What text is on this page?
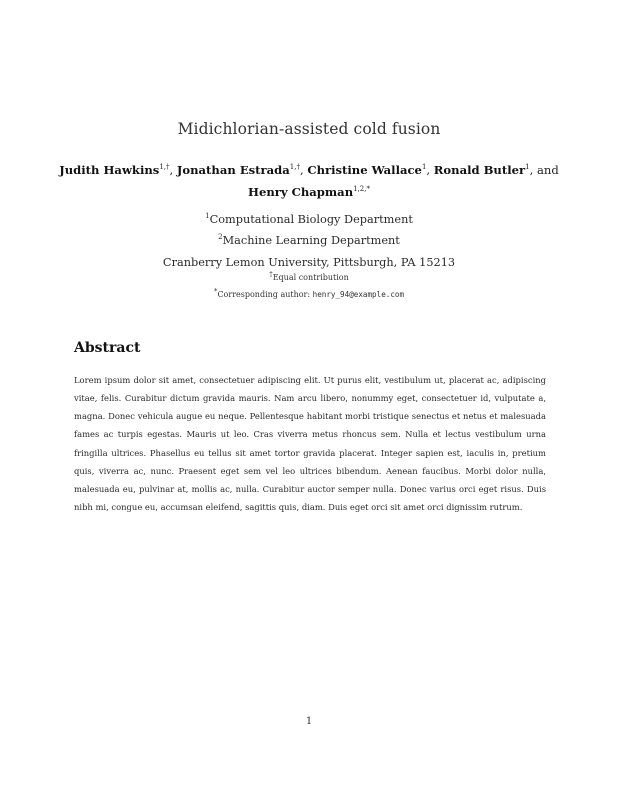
Midichlorian-assisted cold fusion
Judith Hawkins$^{1,\dagger}$, Jonathan Estrada$^{1,\dagger}$, Christine Wallace$^1$, Ronald Butler$^1$, and
Henry Chapman$^{1,2,*}$
$^1$Computational Biology Department
$^2$Machine Learning Department
Cranberry Lemon University, Pittsburgh, PA 15213
†Equal contribution
*Corresponding author: henry_94@example.com
Abstract
Lorem ipsum dolor sit amet, consectetuer adipiscing elit. Ut purus elit, vestibulum ut, placerat ac, adipiscing vitae, felis. Curabitur dictum gravida mauris. Nam arcu libero, nonummy eget, consectetuer id, vulputate a, magna. Donec vehicula augue eu neque. Pellentesque habitant morbi tristique senectus et netus et malesuada fames ac turpis egestas. Mauris ut leo. Cras viverra metus rhoncus sem. Nulla et lectus vestibulum urna fringilla ultrices. Phasellus eu tellus sit amet tortor gravida placerat. Integer sapien est, iaculis in, pretium quis, viverra ac, nunc. Praesent eget sem vel leo ultrices bibendum. Aenean faucibus. Morbi dolor nulla, malesuada eu, pulvinar at, mollis ac, nulla. Curabitur auctor semper nulla. Donec varius orci eget risus. Duis nibh mi, congue eu, accumsan eleifend, sagittis quis, diam. Duis eget orci sit amet orci dignissim rutrum.
1
